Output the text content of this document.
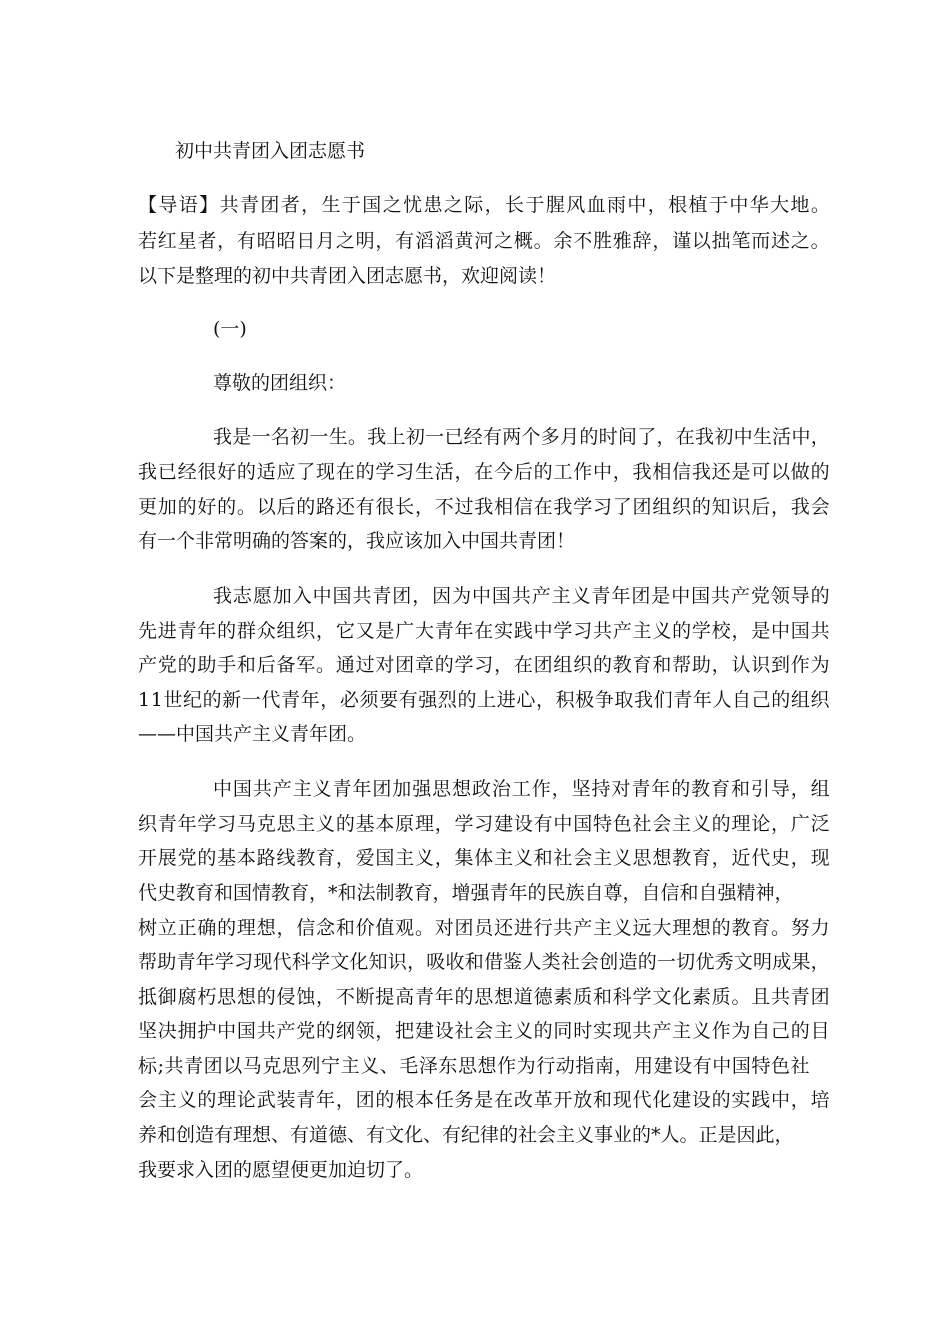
初中共青团入团志愿书
【 导 语 】 共 青 团 者 ， 生 于 国 之 忧 患 之 际 ， 长 于 腥 风 血 雨 中 ， 根 植 于 中 华 大 地 。
若 红 星 者 ， 有 昭 昭 日 月 之 明 ， 有 滔 滔 黄 河 之 概 。 余 不 胜 雅 辞 ， 谨 以 拙 笔 而 述 之 。
以下是整理的初中共青团入团志愿书，欢迎阅读！
(一)
尊敬的团组织：
我 是 一 名 初 一 生 。 我 上 初 一 已 经 有 两 个 多 月 的 时 间 了 ， 在 我 初 中 生 活 中 ，
我 已 经 很 好 的 适 应 了 现 在 的 学 习 生 活 ， 在 今 后 的 工 作 中 ， 我 相 信 我 还 是 可 以 做 的
更 加 的 好 的 。 以 后 的 路 还 有 很 长 ， 不 过 我 相 信 在 我 学 习 了 团 组 织 的 知 识 后 ， 我 会
有一个非常明确的答案的，我应该加入中国共青团！
我 志 愿 加 入 中 国 共 青 团 ， 因 为 中 国 共 产 主 义 青 年 团 是 中 国 共 产 党 领 导 的
先 进 青 年 的 群 众 组 织 ， 它 又 是 广 大 青 年 在 实 践 中 学 习 共 产 主 义 的 学 校 ， 是 中 国 共
产 党 的 助 手 和 后 备 军 。 通 过 对 团 章 的 学 习 ， 在 团 组 织 的 教 育 和 帮 助 ， 认 识 到 作 为
1 1 世 纪 的 新 一 代 青 年 ， 必 须 要 有 强 烈 的 上 进 心 ， 积 极 争 取 我 们 青 年 人 自 己 的 组 织
——中国共产主义青年团。
中 国 共 产 主 义 青 年 团 加 强 思 想 政 治 工 作 ， 坚 持 对 青 年 的 教 育 和 引 导 ， 组
织 青 年 学 习 马 克 思 主 义 的 基 本 原 理 ， 学 习 建 设 有 中 国 特 色 社 会 主 义 的 理 论 ， 广 泛
开 展 党 的 基 本 路 线 教 育 ， 爱 国 主 义 ， 集 体 主 义 和 社 会 主 义 思 想 教 育 ， 近 代 史 ， 现
代史教育和国情教育，*和法制教育，增强青年的民族自尊，自信和自强精神，
树 立 正 确 的 理 想 ， 信 念 和 价 值 观 。 对 团 员 还 进 行 共 产 主 义 远 大 理 想 的 教 育 。 努 力
帮 助 青 年 学 习 现 代 科 学 文 化 知 识 ， 吸 收 和 借 鉴 人 类 社 会 创 造 的 一 切 优 秀 文 明 成 果 ，
抵 御 腐 朽 思 想 的 侵 蚀 ， 不 断 提 高 青 年 的 思 想 道 德 素 质 和 科 学 文 化 素 质 。 且 共 青 团
坚 决 拥 护 中 国 共 产 党 的 纲 领 ， 把 建 设 社 会 主 义 的 同 时 实 现 共 产 主 义 作 为 自 己 的 目
标 ; 共 青 团 以 马 克 思 列 宁 主 义 、 毛 泽 东 思 想 作 为 行 动 指 南 ， 用 建 设 有 中 国 特 色 社
会 主 义 的 理 论 武 装 青 年 ， 团 的 根 本 任 务 是 在 改 革 开 放 和 现 代 化 建 设 的 实 践 中 ， 培
养和创造有理想、有道德、有文化、有纪律的社会主义事业的*人。正是因此，
我要求入团的愿望便更加迫切了。
